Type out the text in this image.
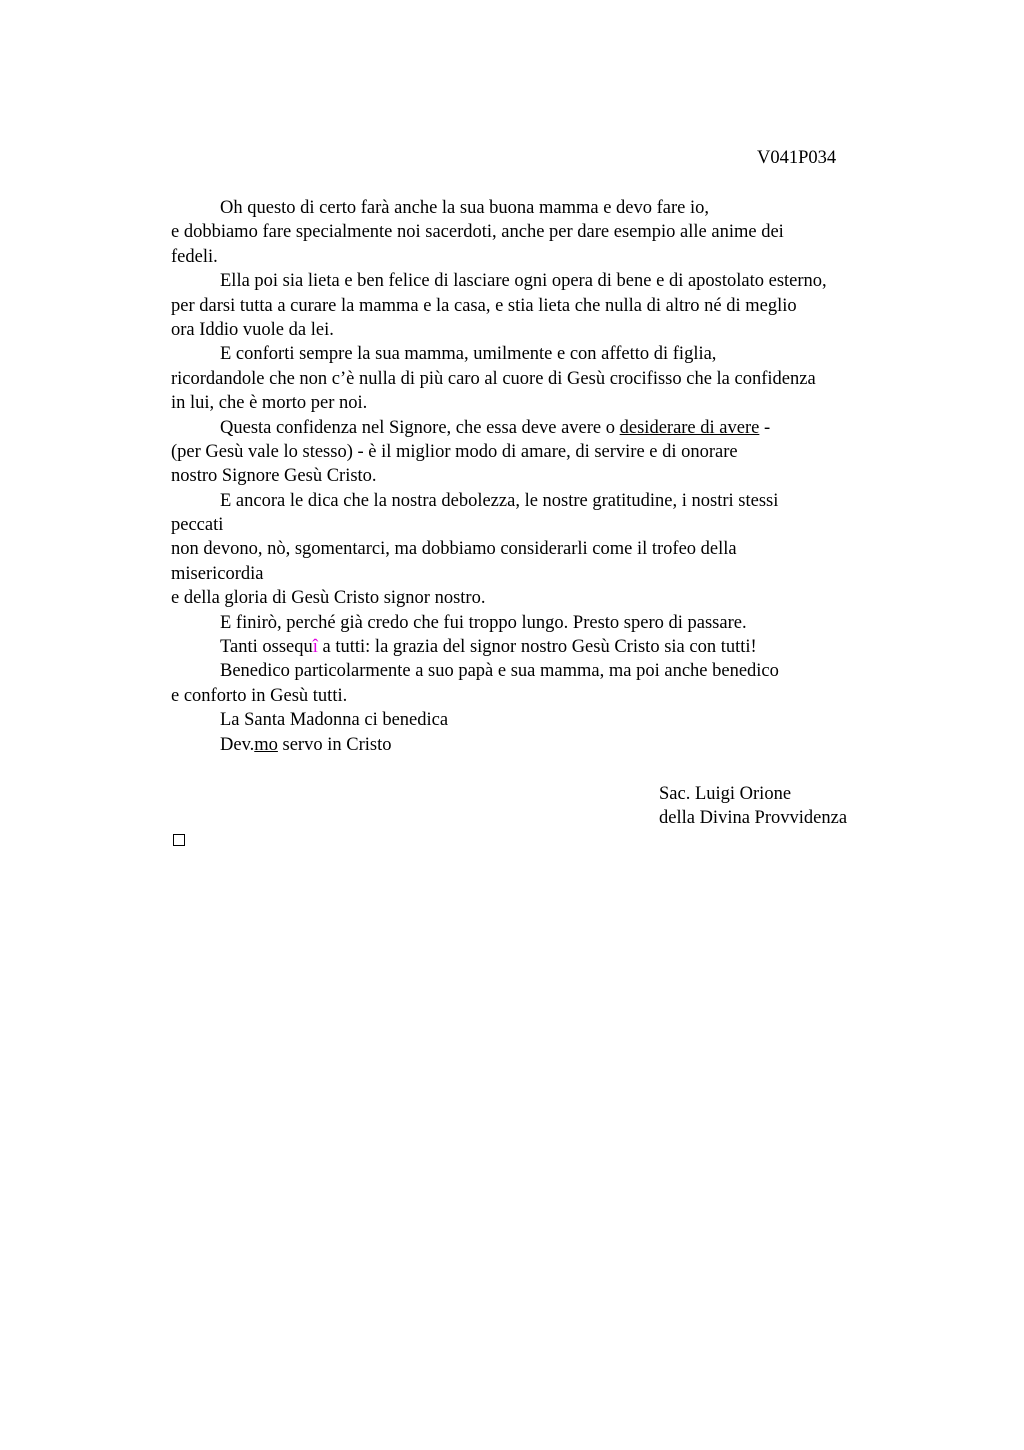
V041P034
Oh questo di certo farà anche la sua buona mamma e devo fare io,
e dobbiamo fare specialmente noi sacerdoti, anche per dare esempio alle anime dei
fedeli.
Ella poi sia lieta e ben felice di lasciare ogni opera di bene e di apostolato esterno,
per darsi tutta a curare la mamma e la casa, e stia lieta che nulla di altro né di meglio
ora Iddio vuole da lei.
E conforti sempre la sua mamma, umilmente e con affetto di figlia,
ricordandole che non c’è nulla di più caro al cuore di Gesù crocifisso che la confidenza
in lui, che è morto per noi.
Questa confidenza nel Signore, che essa deve avere o desiderare di avere -
(per Gesù vale lo stesso) - è il miglior modo di amare, di servire e di onorare
nostro Signore Gesù Cristo.
E ancora le dica che la nostra debolezza, le nostre gratitudine, i nostri stessi
peccati
non devono, nò, sgomentarci, ma dobbiamo considerarli come il trofeo della
misericordia
e della gloria di Gesù Cristo signor nostro.
E finirò, perché già credo che fui troppo lungo. Presto spero di passare.
Tanti ossequî a tutti: la grazia del signor nostro Gesù Cristo sia con tutti!
Benedico particolarmente a suo papà e sua mamma, ma poi anche benedico
e conforto in Gesù tutti.
La Santa Madonna ci benedica
Dev.mo servo in Cristo
Sac. Luigi Orione
della Divina Provvidenza
